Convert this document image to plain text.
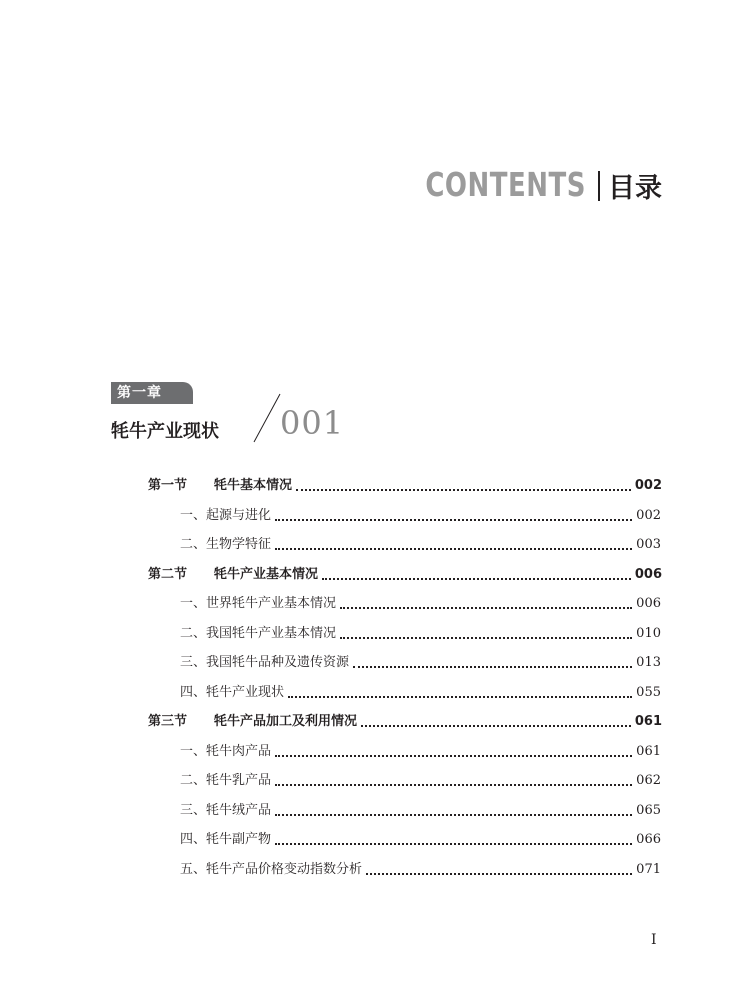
CONTENTS 目录
第一章
牦牛产业现状 001
第一节	牦牛基本情况	002
一、起源与进化	002
二、生物学特征	003
第二节	牦牛产业基本情况	006
一、世界牦牛产业基本情况	006
二、我国牦牛产业基本情况	010
三、我国牦牛品种及遗传资源	013
四、牦牛产业现状	055
第三节	牦牛产品加工及利用情况	061
一、牦牛肉产品	061
二、牦牛乳产品	062
三、牦牛绒产品	065
四、牦牛副产物	066
五、牦牛产品价格变动指数分析	071
I
